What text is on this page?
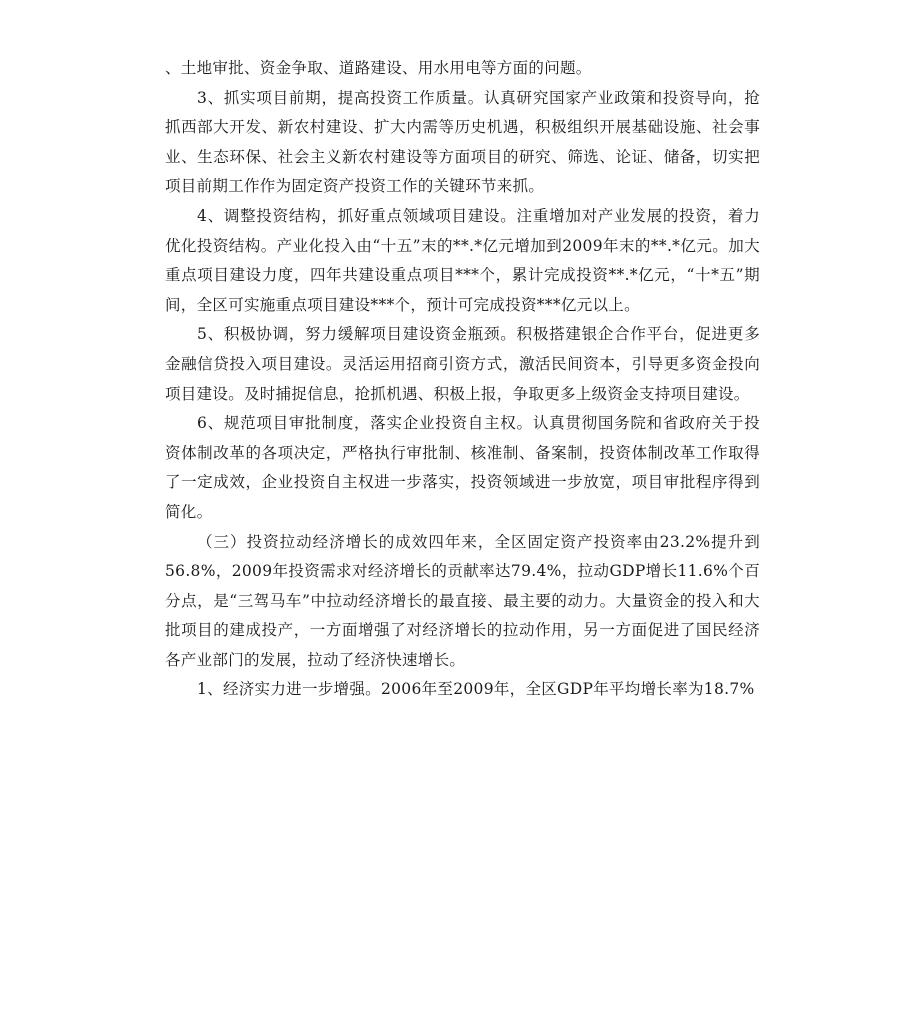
、土地审批、资金争取、道路建设、用水用电等方面的问题。

3、抓实项目前期，提高投资工作质量。认真研究国家产业政策和投资导向，抢抓西部大开发、新农村建设、扩大内需等历史机遇，积极组织开展基础设施、社会事业、生态环保、社会主义新农村建设等方面项目的研究、筛选、论证、储备，切实把项目前期工作作为固定资产投资工作的关键环节来抓。

4、调整投资结构，抓好重点领域项目建设。注重增加对产业发展的投资，着力优化投资结构。产业化投入由“十五”末的**.*亿元增加到2009年末的**.*亿元。加大重点项目建设力度，四年共建设重点项目***个，累计完成投资**.*亿元，“十*五”期间，全区可实施重点项目建设***个，预计可完成投资***亿元以上。

5、积极协调，努力缓解项目建设资金瓶颈。积极搭建银企合作平台，促进更多金融信贷投入项目建设。灵活运用招商引资方式，激活民间资本，引导更多资金投向项目建设。及时捕捉信息，抢抓机遇、积极上报，争取更多上级资金支持项目建设。

6、规范项目审批制度，落实企业投资自主权。认真贯彻国务院和省政府关于投资体制改革的各项决定，严格执行审批制、核准制、备案制，投资体制改革工作取得了一定成效，企业投资自主权进一步落实，投资领域进一步放宽，项目审批程序得到简化。

（三）投资拉动经济增长的成效四年来，全区固定资产投资率由23.2%提升到56.8%，2009年投资需求对经济增长的贡献率达79.4%，拉动GDP增长11.6%个百分点，是“三驾马车”中拉动经济增长的最直接、最主要的动力。大量资金的投入和大批项目的建成投产，一方面增强了对经济增长的拉动作用，另一方面促进了国民经济各产业部门的发展，拉动了经济快速增长。

1、经济实力进一步增强。2006年至2009年，全区GDP年平均增长率为18.7%
